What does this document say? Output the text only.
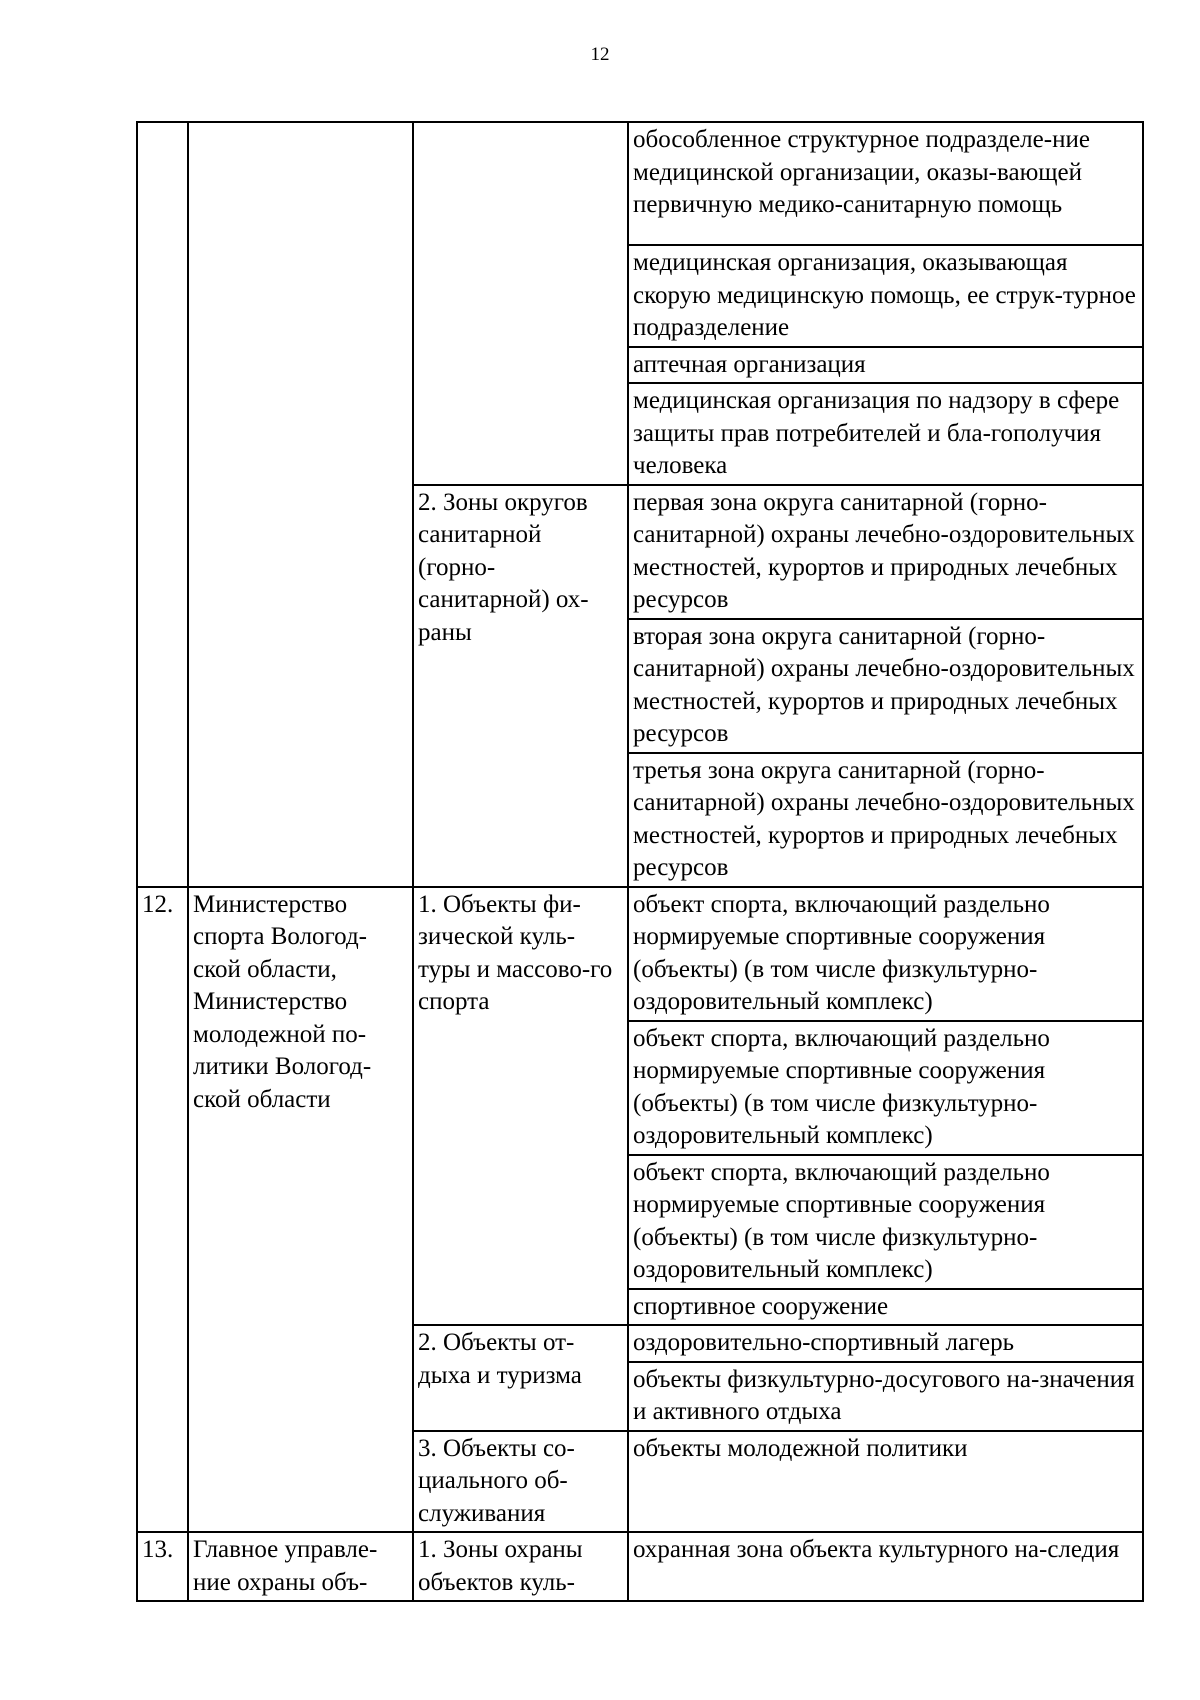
12
			обособленное структурное подразделе-ние медицинской организации, оказы-вающей первичную медико-санитарную помощь
			медицинская организация, оказывающая скорую медицинскую помощь, ее струк-турное подразделение
			аптечная организация
			медицинская организация по надзору в сфере защиты прав потребителей и бла-гополучия человека
		2. Зоны округов санитарной (горно-санитарной) ох-раны	первая зона округа санитарной (горно-санитарной) охраны лечебно-оздоровительных местностей, курортов и природных лечебных ресурсов
			вторая зона округа санитарной (горно-санитарной) охраны лечебно-оздоровительных местностей, курортов и природных лечебных ресурсов
			третья зона округа санитарной (горно-санитарной) охраны лечебно-оздоровительных местностей, курортов и природных лечебных ресурсов
12.	Министерство спорта Вологод-ской области, Министерство молодежной по-литики Вологод-ской области	1. Объекты фи-зической куль-туры и массово-го спорта	объект спорта, включающий раздельно нормируемые спортивные сооружения (объекты) (в том числе физкультурно-оздоровительный комплекс)
			объект спорта, включающий раздельно нормируемые спортивные сооружения (объекты) (в том числе физкультурно-оздоровительный комплекс)
			объект спорта, включающий раздельно нормируемые спортивные сооружения (объекты) (в том числе физкультурно-оздоровительный комплекс)
			спортивное сооружение
		2. Объекты от-дыха и туризма	оздоровительно-спортивный лагерь
			объекты физкультурно-досугового на-значения и активного отдыха
		3. Объекты со-циального об-служивания	объекты молодежной политики
13.	Главное управле-ние охраны объ-	1. Зоны охраны объектов куль-	охранная зона объекта культурного на-следия
